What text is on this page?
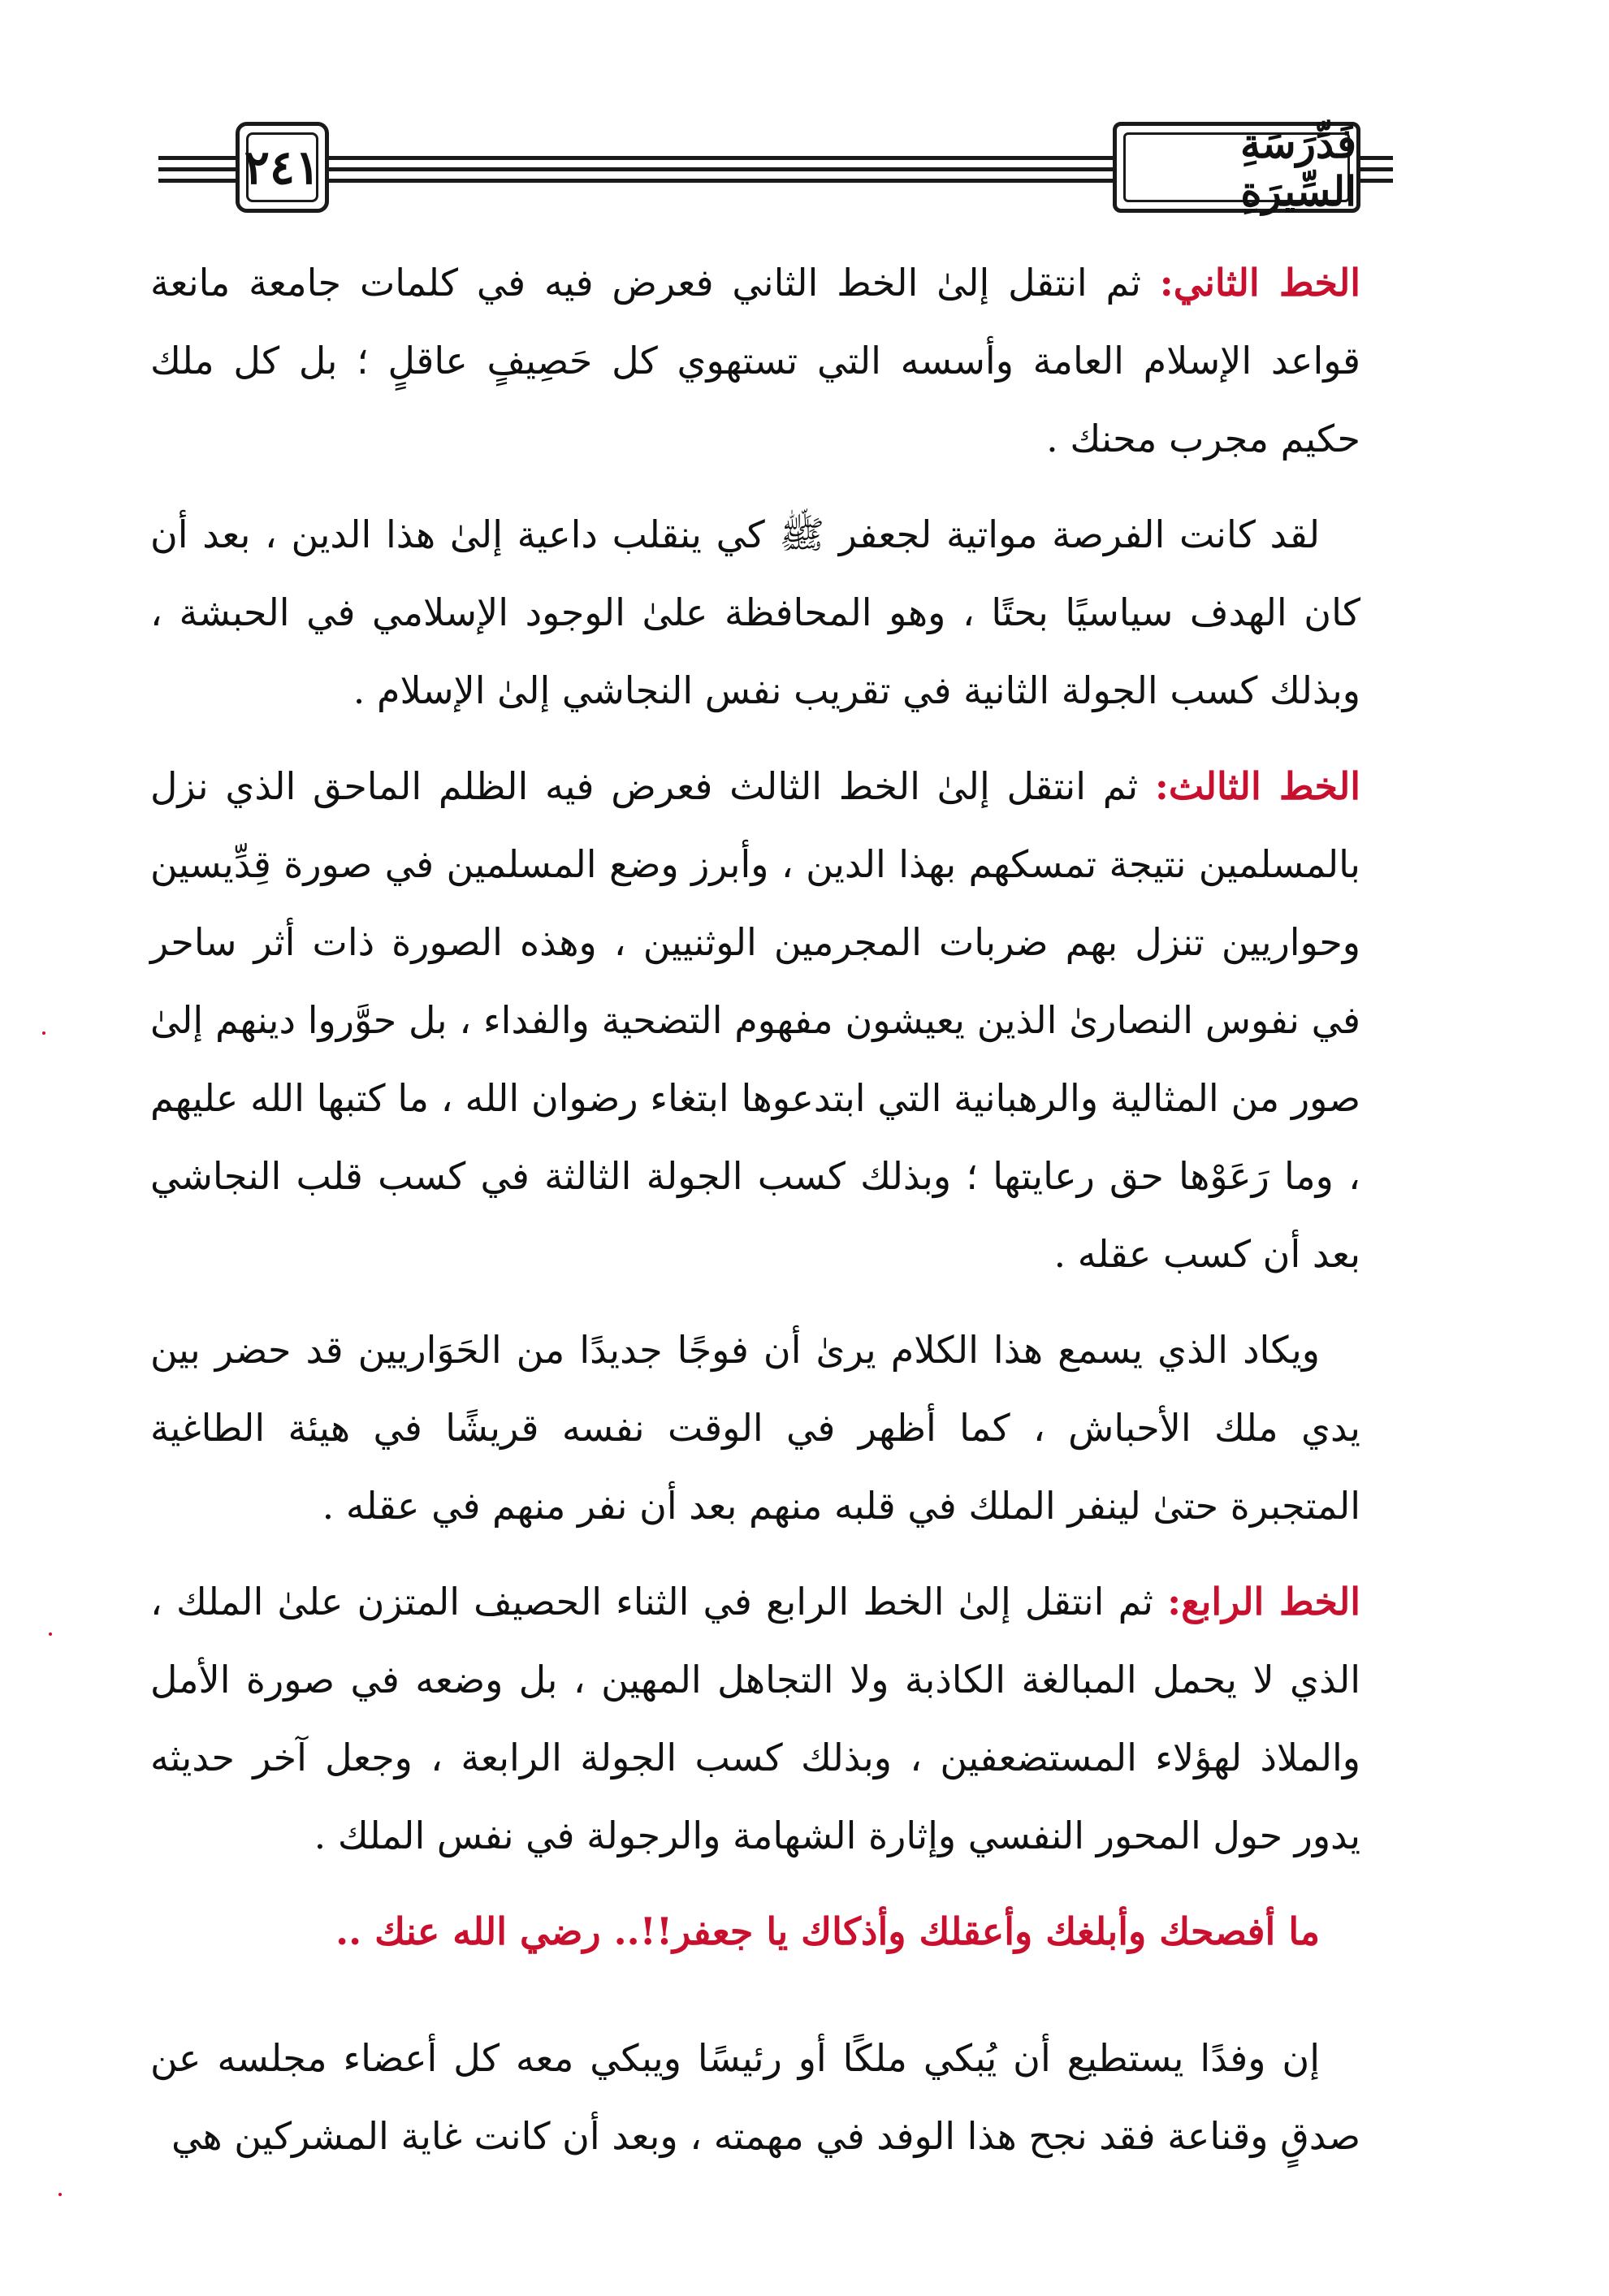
٢٤١	فَدِّرَسَةِ السِّيرَةِ

الخط الثاني: ثم انتقل إلىٰ الخط الثاني فعرض فيه في كلمات جامعة مانعة قواعد الإسلام العامة وأسسه التي تستهوي كل حَصِيفٍ عاقلٍ ؛ بل كل ملك حكيم مجرب محنك .

لقد كانت الفرصة مواتية لجعفر ﷺ كي ينقلب داعية إلىٰ هذا الدين ، بعد أن كان الهدف سياسيًا بحتًا ، وهو المحافظة علىٰ الوجود الإسلامي في الحبشة ، وبذلك كسب الجولة الثانية في تقريب نفس النجاشي إلىٰ الإسلام .

الخط الثالث: ثم انتقل إلىٰ الخط الثالث فعرض فيه الظلم الماحق الذي نزل بالمسلمين نتيجة تمسكهم بهذا الدين ، وأبرز وضع المسلمين في صورة قِدِّيسين وحواريين تنزل بهم ضربات المجرمين الوثنيين ، وهذه الصورة ذات أثر ساحر في نفوس النصارىٰ الذين يعيشون مفهوم التضحية والفداء ، بل حوَّروا دينهم إلىٰ صور من المثالية والرهبانية التي ابتدعوها ابتغاء رضوان الله ، ما كتبها الله عليهم ، وما رَعَوْها حق رعايتها ؛ وبذلك كسب الجولة الثالثة في كسب قلب النجاشي بعد أن كسب عقله .

ويكاد الذي يسمع هذا الكلام يرىٰ أن فوجًا جديدًا من الحَوَاريين قد حضر بين يدي ملك الأحباش ، كما أظهر في الوقت نفسه قريشًا في هيئة الطاغية المتجبرة حتىٰ لينفر الملك في قلبه منهم بعد أن نفر منهم في عقله .

الخط الرابع: ثم انتقل إلىٰ الخط الرابع في الثناء الحصيف المتزن علىٰ الملك ، الذي لا يحمل المبالغة الكاذبة ولا التجاهل المهين ، بل وضعه في صورة الأمل والملاذ لهؤلاء المستضعفين ، وبذلك كسب الجولة الرابعة ، وجعل آخر حديثه يدور حول المحور النفسي وإثارة الشهامة والرجولة في نفس الملك .

ما أفصحك وأبلغك وأعقلك وأذكاك يا جعفر!!.. رضي الله عنك ..

إن وفدًا يستطيع أن يُبكي ملكًا أو رئيسًا ويبكي معه كل أعضاء مجلسه عن صدقٍ وقناعة فقد نجح هذا الوفد في مهمته ، وبعد أن كانت غاية المشركين هي
